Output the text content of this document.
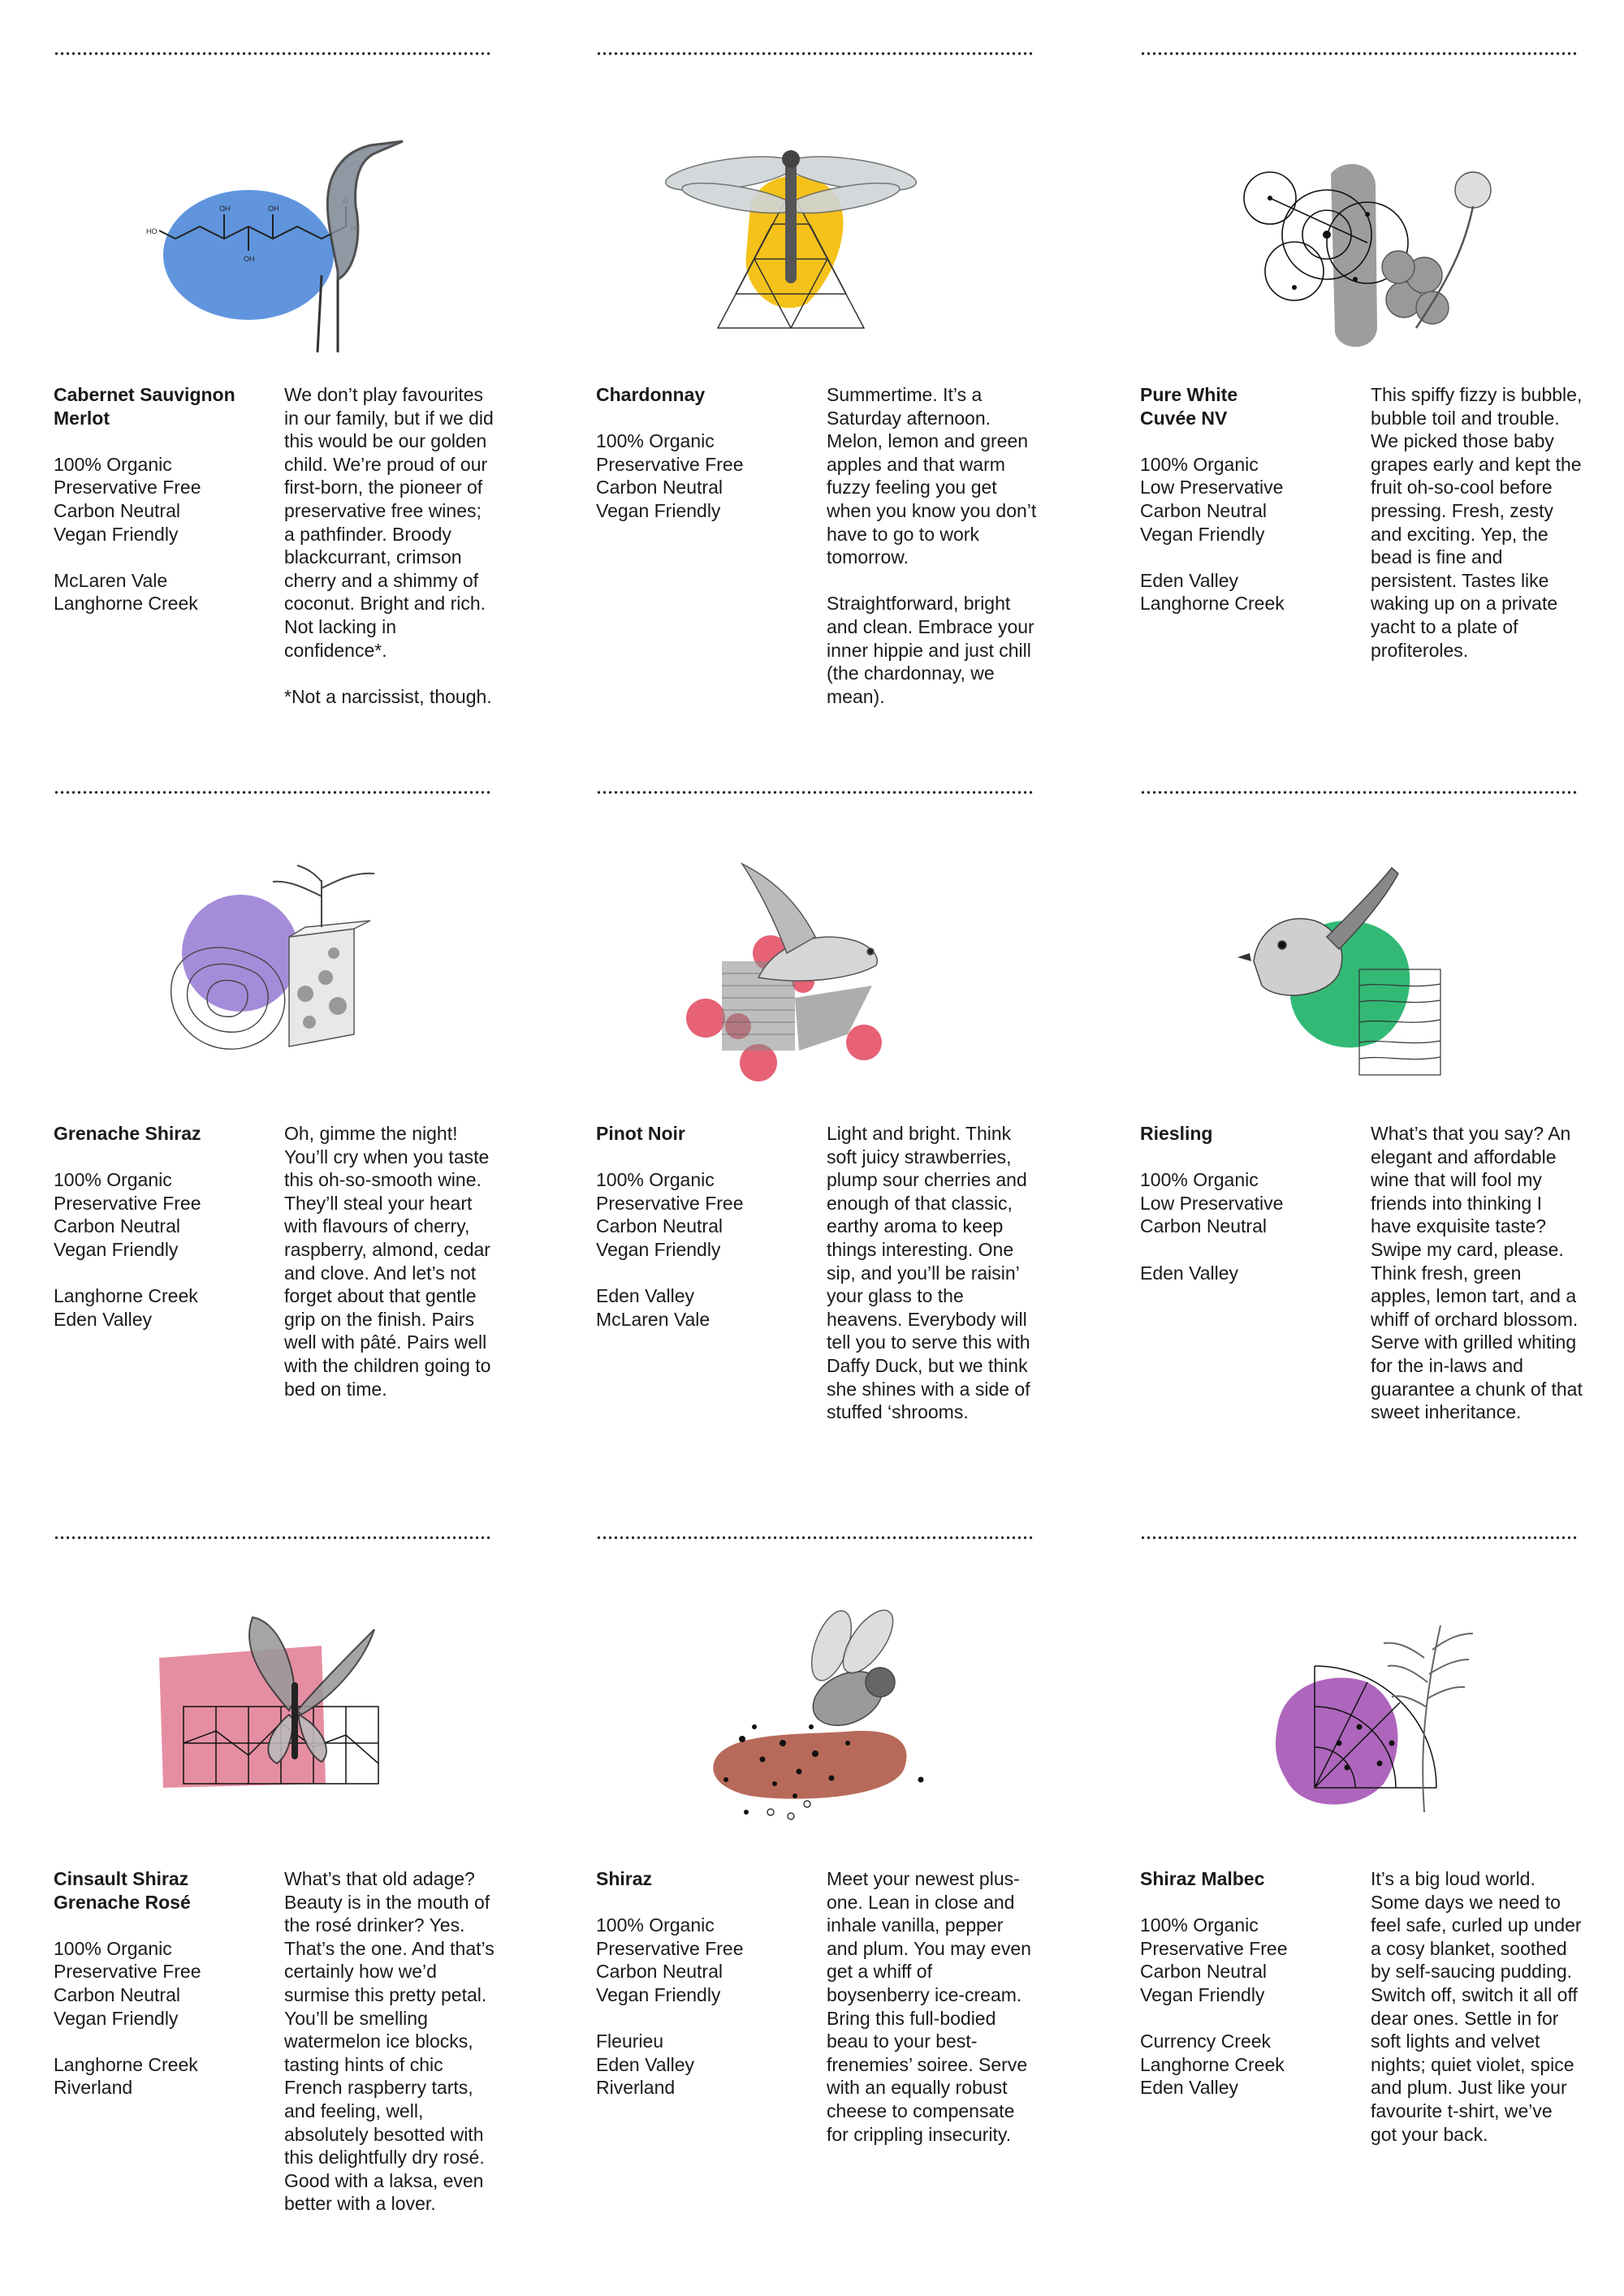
OH	OH
HO
OH

Cabernet Sauvignon
Merlot

100% Organic
Preservative Free
Carbon Neutral
Vegan Friendly
McLaren Vale
Langhorne Creek

We don’t play favourites in our family, but if we did this would be our golden child. We’re proud of our first-born, the pioneer of preservative free wines; a pathfinder. Broody blackcurrant, crimson cherry and a shimmy of coconut. Bright and rich. Not lacking in confidence*.

*Not a narcissist, though.

Chardonnay

100% Organic
Preservative Free
Carbon Neutral
Vegan Friendly

Summertime. It’s a Saturday afternoon. Melon, lemon and green apples and that warm fuzzy feeling you get when you know you don’t have to go to work tomorrow.

Straightforward, bright and clean. Embrace your inner hippie and just chill (the chardonnay, we mean).

Pure White
Cuvée NV

100% Organic
Low Preservative
Carbon Neutral
Vegan Friendly
Eden Valley
Langhorne Creek

This spiffy fizzy is bubble, bubble toil and trouble. We picked those baby grapes early and kept the fruit oh-so-cool before pressing. Fresh, zesty and exciting. Yep, the bead is fine and persistent. Tastes like waking up on a private yacht to a plate of profiteroles.

Grenache Shiraz

100% Organic
Preservative Free
Carbon Neutral
Vegan Friendly
Langhorne Creek
Eden Valley

Oh, gimme the night! You’ll cry when you taste this oh-so-smooth wine. They’ll steal your heart with flavours of cherry, raspberry, almond, cedar and clove. And let’s not forget about that gentle grip on the finish. Pairs well with pâté. Pairs well with the children going to bed on time.

Pinot Noir

100% Organic
Preservative Free
Carbon Neutral
Vegan Friendly
Eden Valley
McLaren Vale

Light and bright. Think soft juicy strawberries, plump sour cherries and enough of that classic, earthy aroma to keep things interesting. One sip, and you’ll be raisin’ your glass to the heavens. Everybody will tell you to serve this with Daffy Duck, but we think she shines with a side of stuffed ‘shrooms.

Riesling

100% Organic
Low Preservative
Carbon Neutral
Eden Valley

What’s that you say? An elegant and affordable wine that will fool my friends into thinking I have exquisite taste? Swipe my card, please. Think fresh, green apples, lemon tart, and a whiff of orchard blossom. Serve with grilled whiting for the in-laws and guarantee a chunk of that sweet inheritance.

Cinsault Shiraz
Grenache Rosé

100% Organic
Preservative Free
Carbon Neutral
Vegan Friendly
Langhorne Creek
Riverland

What’s that old adage? Beauty is in the mouth of the rosé drinker? Yes. That’s the one. And that’s certainly how we’d surmise this pretty petal. You’ll be smelling watermelon ice blocks, tasting hints of chic French raspberry tarts, and feeling, well, absolutely besotted with this delightfully dry rosé. Good with a laksa, even better with a lover.

Shiraz

100% Organic
Preservative Free
Carbon Neutral
Vegan Friendly
Fleurieu
Eden Valley
Riverland

Meet your newest plus-one. Lean in close and inhale vanilla, pepper and plum. You may even get a whiff of boysenberry ice-cream. Bring this full-bodied beau to your best-frenemies’ soiree. Serve with an equally robust cheese to compensate for crippling insecurity.

Shiraz Malbec

100% Organic
Preservative Free
Carbon Neutral
Vegan Friendly
Currency Creek
Langhorne Creek
Eden Valley

It’s a big loud world. Some days we need to feel safe, curled up under a cosy blanket, soothed by self-saucing pudding. Switch off, switch it all off dear ones. Settle in for soft lights and velvet nights; quiet violet, spice and plum. Just like your favourite t-shirt, we’ve got your back.
